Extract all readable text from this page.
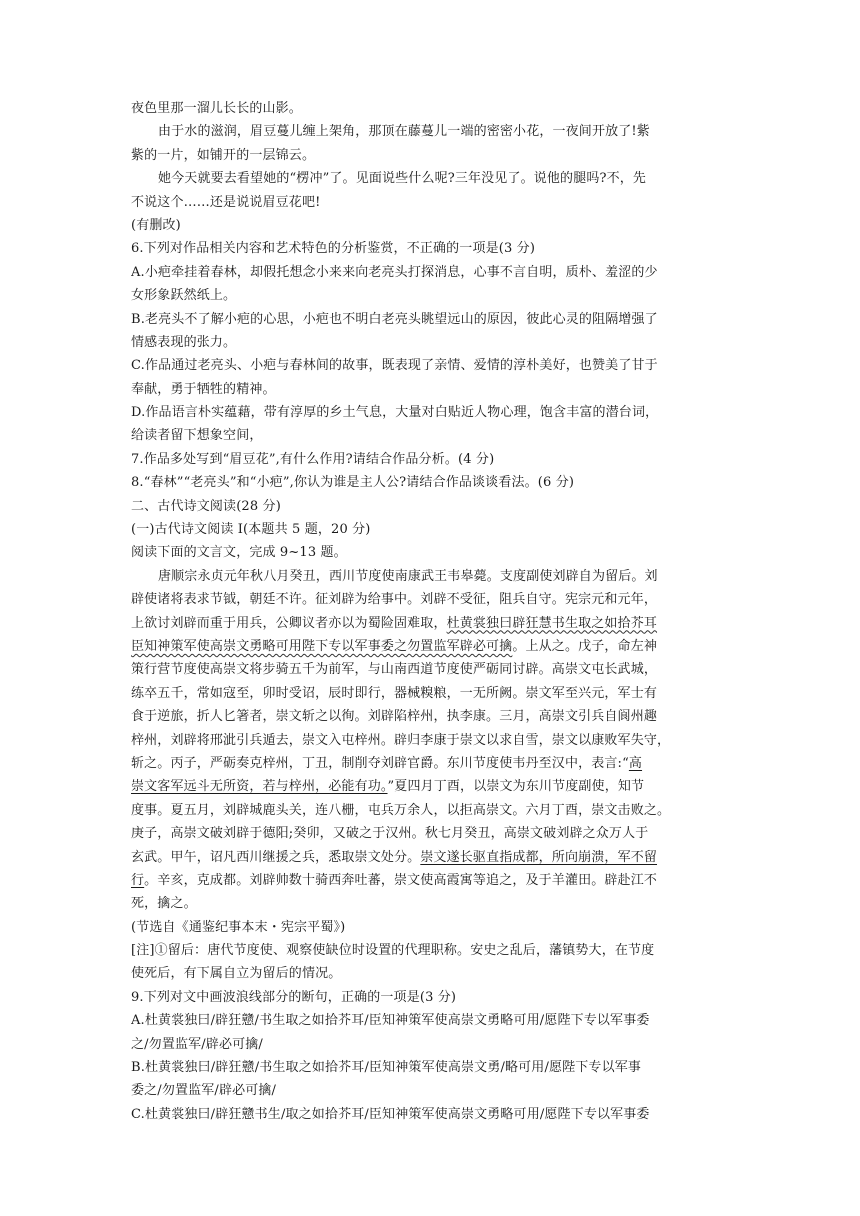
夜色里那一溜儿长长的山影。
由于水的滋润，眉豆蔓儿缠上架角，那顶在藤蔓儿一端的密密小花，一夜间开放了!紫
紫的一片，如铺开的一层锦云。
她今天就要去看望她的“楞冲”了。见面说些什么呢?三年没见了。说他的腿吗?不，先
不说这个……还是说说眉豆花吧!
(有删改)
6.下列对作品相关内容和艺术特色的分析鉴赏，不正确的一项是(3 分)
A.小疤牵挂着春林，却假托想念小来来向老亮头打探消息，心事不言自明，质朴、羞涩的少
女形象跃然纸上。
B.老亮头不了解小疤的心思，小疤也不明白老亮头眺望远山的原因，彼此心灵的阻隔增强了
情感表现的张力。
C.作品通过老亮头、小疤与春林间的故事，既表现了亲情、爱情的淳朴美好，也赞美了甘于
奉献，勇于牺牲的精神。
D.作品语言朴实蕴藉，带有淳厚的乡土气息，大量对白贴近人物心理，饱含丰富的潜台词，
给读者留下想象空间，
7.作品多处写到“眉豆花”,有什么作用?请结合作品分析。(4 分)
8.“春林”“老亮头”和“小疤”,你认为谁是主人公?请结合作品谈谈看法。(6 分)
二、古代诗文阅读(28 分)
(一)古代诗文阅读 I(本题共 5 题，20 分)
阅读下面的文言文，完成 9~13 题。
唐顺宗永贞元年秋八月癸丑，西川节度使南康武王韦皋薨。支度副使刘辟自为留后。刘
辟使诸将表求节钺，朝廷不许。征刘辟为给事中。刘辟不受征，阻兵自守。宪宗元和元年，
上欲讨刘辟而重于用兵，公卿议者亦以为蜀险固难取，杜黄裳独曰辟狂慧书生取之如拾芥耳
臣知神策军使高崇文勇略可用陛下专以军事委之勿置监军辟必可擒。上从之。戊子，命左神
策行营节度使高崇文将步骑五千为前军，与山南西道节度使严砺同讨辟。高崇文屯长武城，
练卒五千，常如寇至，卯时受诏，辰时即行，器械糗粮，一无所阙。崇文军至兴元，军士有
食于逆旅，折人匕箸者，崇文斩之以徇。刘辟陷梓州，执李康。三月，高崇文引兵自阆州趣
梓州，刘辟将邢泚引兵遁去，崇文入屯梓州。辟归李康于崇文以求自雪，崇文以康败军失守，
斩之。丙子，严砺奏克梓州，丁丑，制削夺刘辟官爵。东川节度使韦丹至汉中，表言:“高
崇文客军远斗无所资，若与梓州，必能有功。”夏四月丁酉，以崇文为东川节度副使，知节
度事。夏五月，刘辟城鹿头关，连八栅，屯兵万余人，以拒高崇文。六月丁酉，崇文击败之。
庚子，高崇文破刘辟于德阳;癸卯，又破之于汉州。秋七月癸丑，高崇文破刘辟之众万人于
玄武。甲午，诏凡西川继援之兵，悉取崇文处分。崇文遂长驱直指成都，所向崩溃，军不留
行。辛亥，克成都。刘辟帅数十骑西奔吐蕃，崇文使高霞寓等追之，及于羊灌田。辟赴江不
死，擒之。
(节选自《通鉴纪事本末・宪宗平蜀》)
[注]①留后：唐代节度使、观察使缺位时设置的代理职称。安史之乱后，藩镇势大，在节度
使死后，有下属自立为留后的情况。
9.下列对文中画波浪线部分的断句，正确的一项是(3 分)
A.杜黄裳独曰/辟狂戆/书生取之如拾芥耳/臣知神策军使高崇文勇略可用/愿陛下专以军事委
之/勿置监军/辟必可擒/
B.杜黄裳独曰/辟狂戆/书生取之如拾芥耳/臣知神策军使高崇文勇/略可用/愿陛下专以军事
委之/勿置监军/辟必可擒/
C.杜黄裳独曰/辟狂戆书生/取之如拾芥耳/臣知神策军使高崇文勇略可用/愿陛下专以军事委
